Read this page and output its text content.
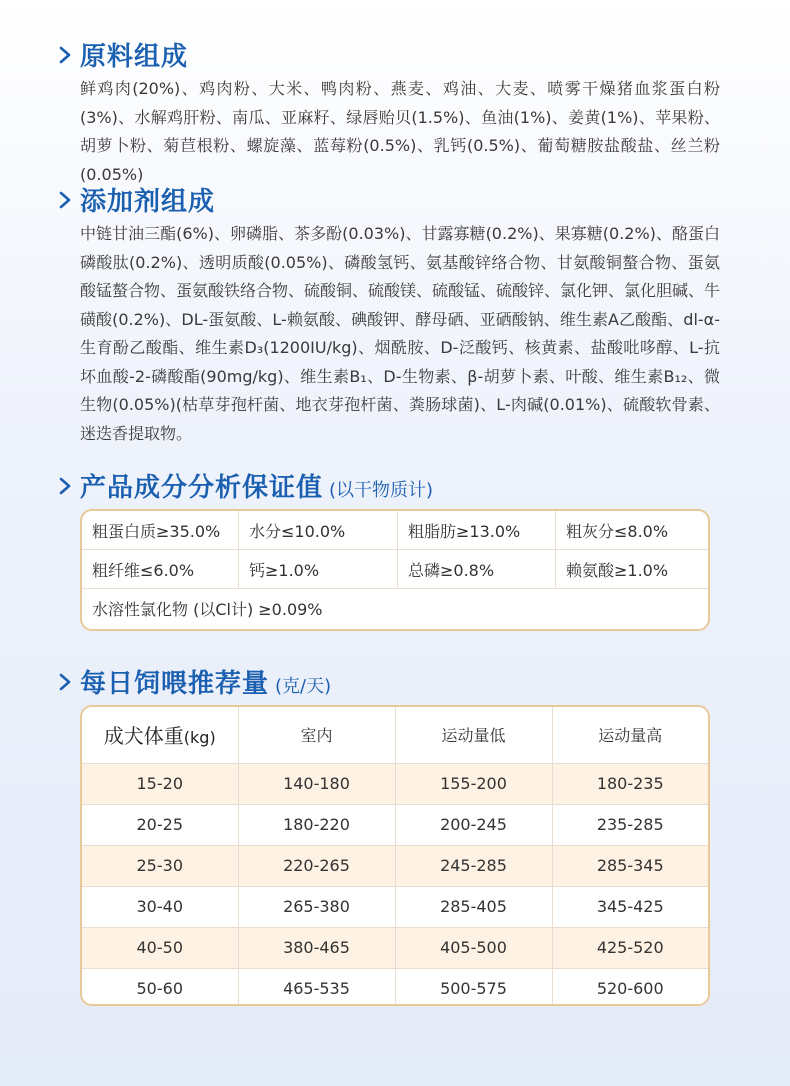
原料组成
鲜鸡肉(20%)、鸡肉粉、大米、鸭肉粉、燕麦、鸡油、大麦、喷雾干燥猪血浆蛋白粉(3%)、水解鸡肝粉、南瓜、亚麻籽、绿唇贻贝(1.5%)、鱼油(1%)、姜黄(1%)、苹果粉、胡萝卜粉、菊苣根粉、螺旋藻、蓝莓粉(0.5%)、乳钙(0.5%)、葡萄糖胺盐酸盐、丝兰粉(0.05%)
添加剂组成
中链甘油三酯(6%)、卵磷脂、茶多酚(0.03%)、甘露寡糖(0.2%)、果寡糖(0.2%)、酪蛋白磷酸肽(0.2%)、透明质酸(0.05%)、磷酸氢钙、氨基酸锌络合物、甘氨酸铜螯合物、蛋氨酸锰螯合物、蛋氨酸铁络合物、硫酸铜、硫酸镁、硫酸锰、硫酸锌、氯化钾、氯化胆碱、牛磺酸(0.2%)、DL-蛋氨酸、L-赖氨酸、碘酸钾、酵母硒、亚硒酸钠、维生素A乙酸酯、dl-α-生育酚乙酸酯、维生素D₃(1200IU/kg)、烟酰胺、D-泛酸钙、核黄素、盐酸吡哆醇、L-抗坏血酸-2-磷酸酯(90mg/kg)、维生素B₁、D-生物素、β-胡萝卜素、叶酸、维生素B₁₂、微生物(0.05%)(枯草芽孢杆菌、地衣芽孢杆菌、粪肠球菌)、L-肉碱(0.01%)、硫酸软骨素、迷迭香提取物。
产品成分分析保证值 (以干物质计)
粗蛋白质≥35.0%	水分≤10.0%	粗脂肪≥13.0%	粗灰分≤8.0%
粗纤维≤6.0%	钙≥1.0%	总磷≥0.8%	赖氨酸≥1.0%
水溶性氯化物 (以Cl计) ≥0.09%
每日饲喂推荐量 (克/天)
成犬体重(kg)	室内	运动量低	运动量高
15-20	140-180	155-200	180-235
20-25	180-220	200-245	235-285
25-30	220-265	245-285	285-345
30-40	265-380	285-405	345-425
40-50	380-465	405-500	425-520
50-60	465-535	500-575	520-600
